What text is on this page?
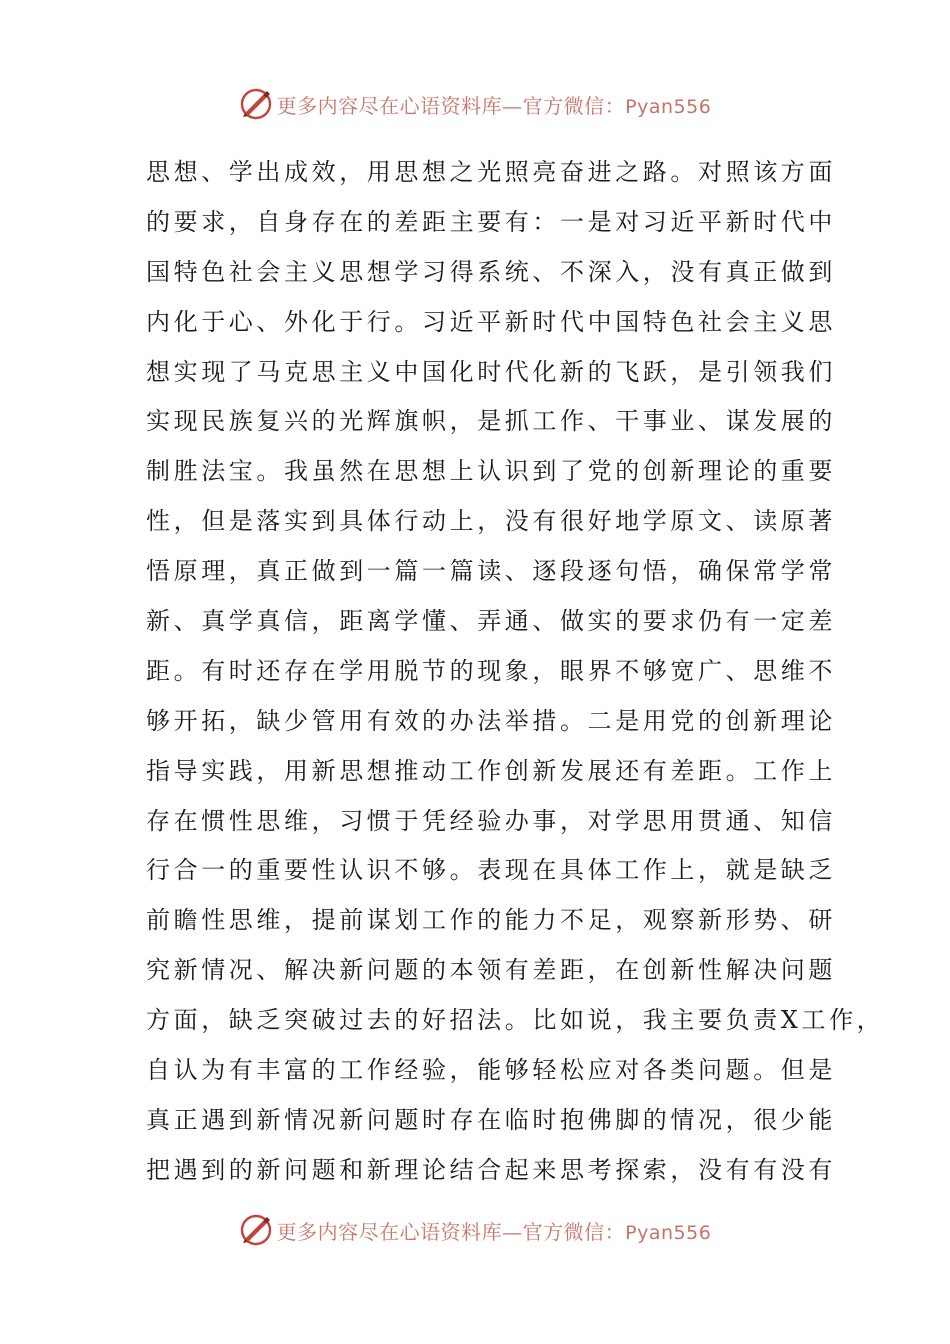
更多内容尽在心语资料库—官方微信：Pyan556
思想、学出成效，用思想之光照亮奋进之路。对照该方面
的要求，自身存在的差距主要有：一是对习近平新时代中
国特色社会主义思想学习得系统、不深入，没有真正做到
内化于心、外化于行。习近平新时代中国特色社会主义思
想实现了马克思主义中国化时代化新的飞跃，是引领我们
实现民族复兴的光辉旗帜，是抓工作、干事业、谋发展的
制胜法宝。我虽然在思想上认识到了党的创新理论的重要
性，但是落实到具体行动上，没有很好地学原文、读原著
悟原理，真正做到一篇一篇读、逐段逐句悟，确保常学常
新、真学真信，距离学懂、弄通、做实的要求仍有一定差
距。有时还存在学用脱节的现象，眼界不够宽广、思维不
够开拓，缺少管用有效的办法举措。二是用党的创新理论
指导实践，用新思想推动工作创新发展还有差距。工作上
存在惯性思维，习惯于凭经验办事，对学思用贯通、知信
行合一的重要性认识不够。表现在具体工作上，就是缺乏
前瞻性思维，提前谋划工作的能力不足，观察新形势、研
究新情况、解决新问题的本领有差距，在创新性解决问题
方面，缺乏突破过去的好招法。比如说，我主要负责X工作，
自认为有丰富的工作经验，能够轻松应对各类问题。但是
真正遇到新情况新问题时存在临时抱佛脚的情况，很少能
把遇到的新问题和新理论结合起来思考探索，没有有没有
更多内容尽在心语资料库—官方微信：Pyan556
